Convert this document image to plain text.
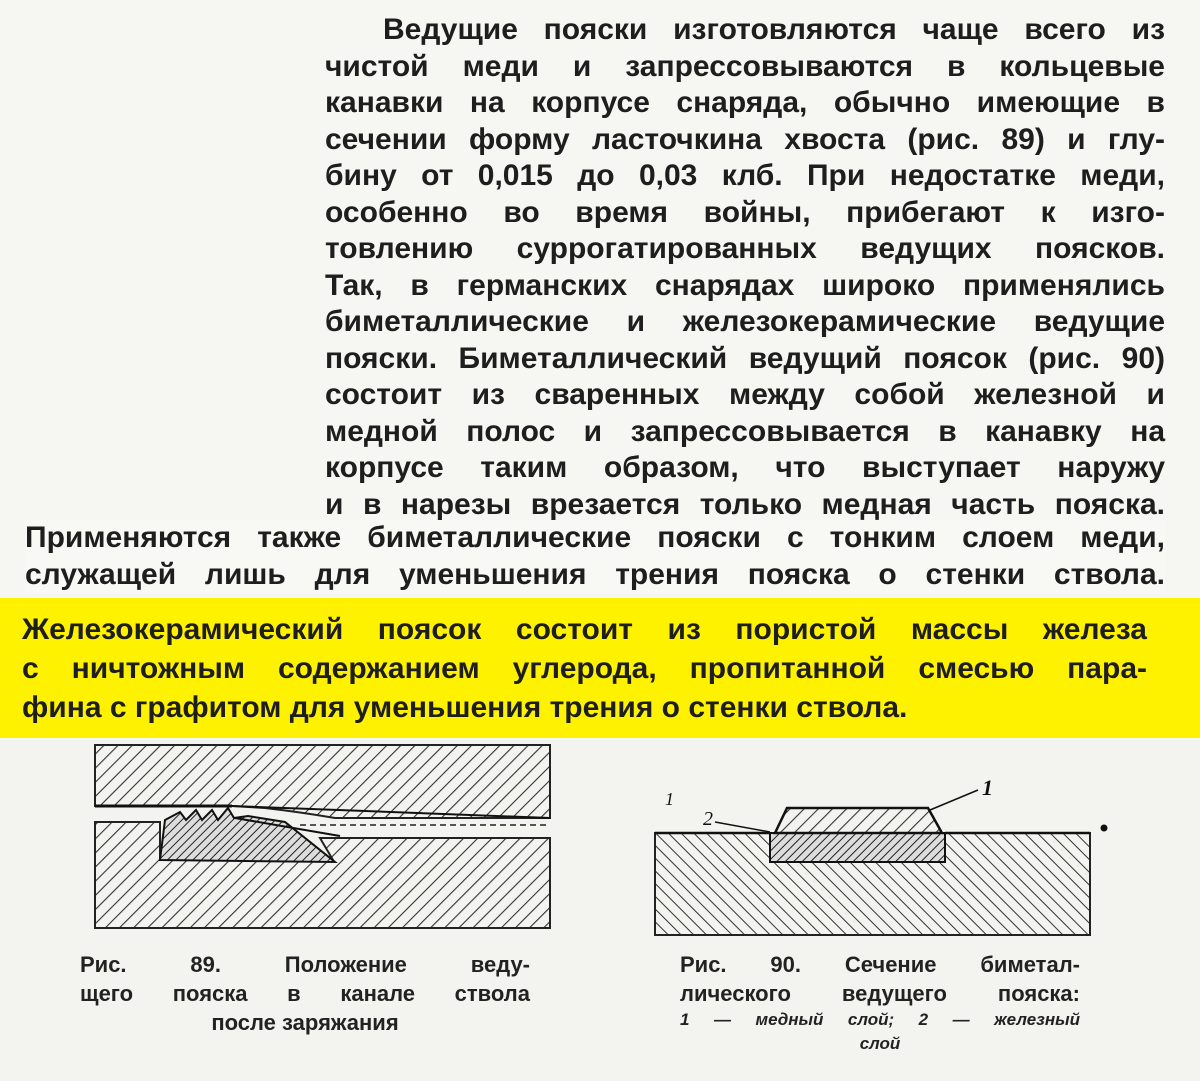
Ведущие пояски изготовляются чаще всего из
чистой меди и запрессовываются в кольцевые
канавки на корпусе снаряда, обычно имеющие в
сечении форму ласточкина хвоста (рис. 89) и глу-
бину от 0,015 до 0,03 клб. При недостатке меди,
особенно во время войны, прибегают к изго-
товлению суррогатированных ведущих поясков.
Так, в германских снарядах широко применялись
биметаллические и железокерамические ведущие
пояски. Биметаллический ведущий поясок (рис. 90)
состоит из сваренных между собой железной и
медной полос и запрессовывается в канавку на
корпусе таким образом, что выступает наружу
и в нарезы врезается только медная часть пояска.
Применяются также биметаллические пояски с тонким слоем меди,
служащей лишь для уменьшения трения пояска о стенки ствола.
Железокерамический поясок состоит из пористой массы железа
с ничтожным содержанием углерода, пропитанной смесью пара-
фина с графитом для уменьшения трения о стенки ствола.
1
2
1
Рис. 89. Положение веду-
щего пояска в канале ствола
после заряжания
Рис. 90. Сечение биметал-
лического ведущего пояска:
1 — медный слой; 2 — железный
слой
